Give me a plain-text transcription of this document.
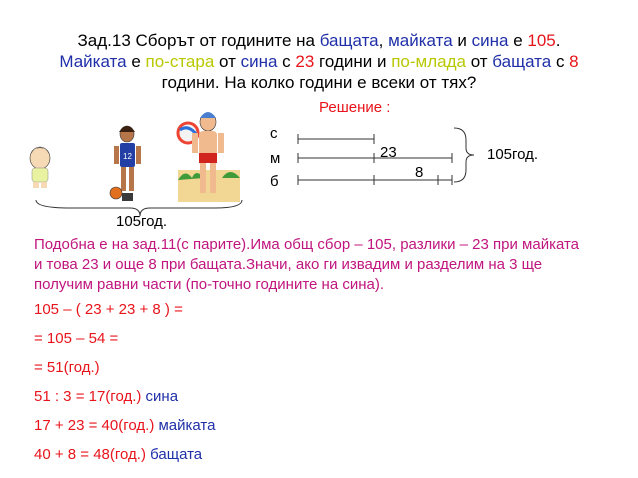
Зад.13 Сборът от годините на бащата, майката и сина е 105.
Майката е по-стара от сина с 23 години и по-млада от бащата с 8
години. На колко години е всеки от тях?
12
Решение :
с
м
б
23
8
105год.
105год.
Подобна е на зад.11(с парите).Има общ сбор – 105, разлики – 23 при майката
и това 23 и още 8 при бащата.Значи, ако ги извадим и разделим на 3 ще
получим равни части (по-точно годините на сина).
105 – ( 23 + 23 + 8 ) =
= 105 – 54 =
= 51(год.)
51 : 3 = 17(год.) сина
17 + 23 = 40(год.) майката
40 + 8 = 48(год.) бащата
